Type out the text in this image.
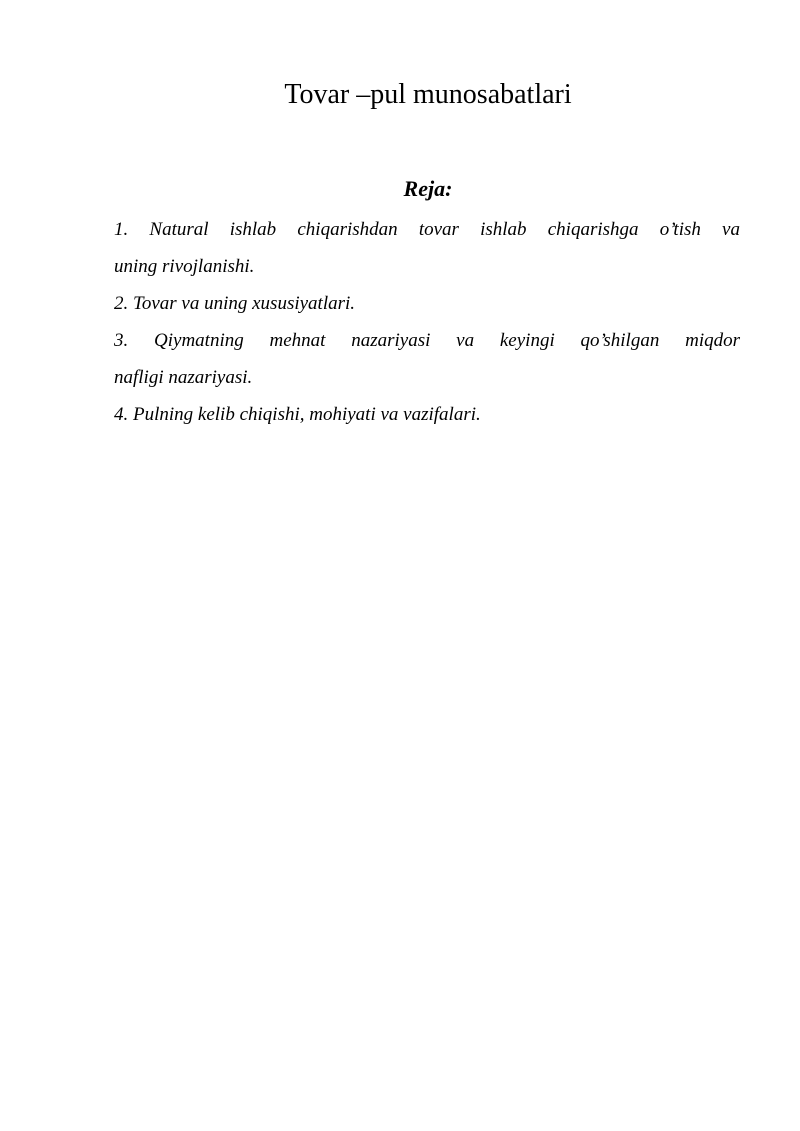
Tovar –pul munosabatlari
Reja:
1. Natural ishlab chiqarishdan tovar ishlab chiqarishga o’tish va
uning rivojlanishi.
2. Tovar va uning xususiyatlari.
3. Qiymatning mehnat nazariyasi va keyingi qo’shilgan miqdor
nafligi nazariyasi.
4. Pulning kelib chiqishi, mohiyati va vazifalari.
